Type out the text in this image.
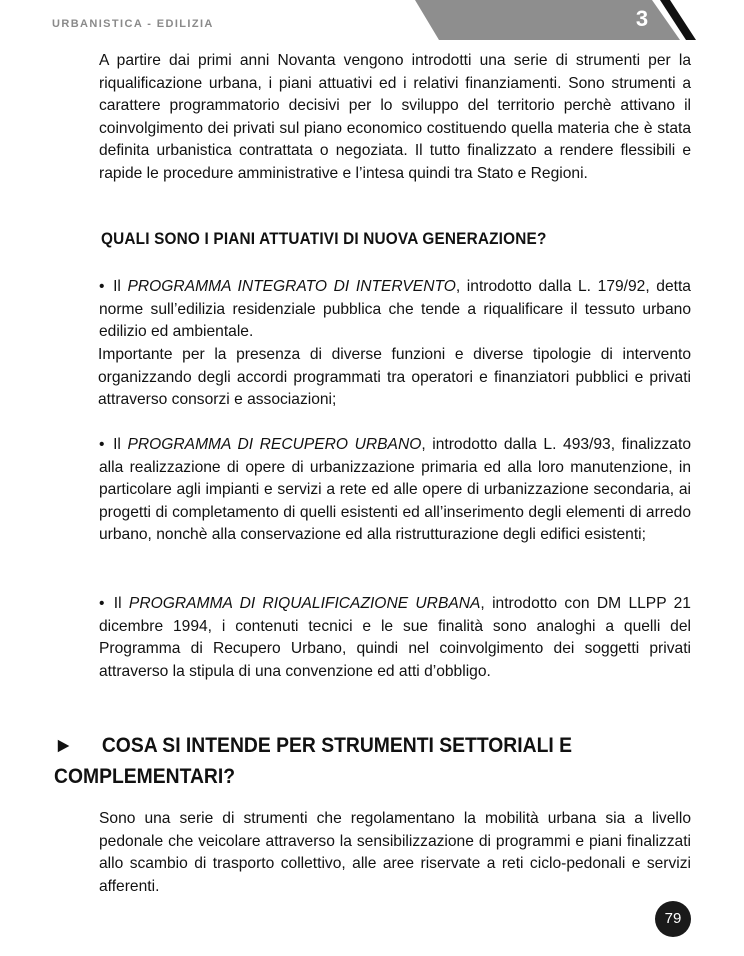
URBANISTICA - EDILIZIA	3

A partire dai primi anni Novanta vengono introdotti una serie di strumenti per la riqualificazione urbana, i piani attuativi ed i relativi finanziamenti. Sono strumenti a carattere programmatorio decisivi per lo sviluppo del territorio perchè attivano il coinvolgimento dei privati sul piano economico costituendo quella materia che è stata definita urbanistica contrattata o negoziata. Il tutto finalizzato a rendere flessibili e rapide le procedure amministrative e l’intesa quindi tra Stato e Regioni.

QUALI SONO I PIANI ATTUATIVI DI NUOVA GENERAZIONE?

• Il PROGRAMMA INTEGRATO DI INTERVENTO, introdotto dalla L. 179/92, detta norme sull’edilizia residenziale pubblica che tende a riqualificare il tessuto urbano edilizio ed ambientale.

Importante per la presenza di diverse funzioni e diverse tipologie di intervento organizzando degli accordi programmati tra operatori e finanziatori pubblici e privati attraverso consorzi e associazioni;

• Il PROGRAMMA DI RECUPERO URBANO, introdotto dalla L. 493/93, finalizzato alla realizzazione di opere di urbanizzazione primaria ed alla loro manutenzione, in particolare agli impianti e servizi a rete ed alle opere di urbanizzazione secondaria, ai progetti di completamento di quelli esistenti ed all’inserimento degli elementi di arredo urbano, nonchè alla conservazione ed alla ristrutturazione degli edifici esistenti;

• Il PROGRAMMA DI RIQUALIFICAZIONE URBANA, introdotto con DM LLPP 21 dicembre 1994, i contenuti tecnici e le sue finalità sono analoghi a quelli del Programma di Recupero Urbano, quindi nel coinvolgimento dei soggetti privati attraverso la stipula di una convenzione ed atti d’obbligo.

► COSA SI INTENDE PER STRUMENTI SETTORIALI E COMPLEMENTARI?

Sono una serie di strumenti che regolamentano la mobilità urbana sia a livello pedonale che veicolare attraverso la sensibilizzazione di programmi e piani finalizzati allo scambio di trasporto collettivo, alle aree riservate a reti ciclo-pedonali e servizi afferenti.

79
